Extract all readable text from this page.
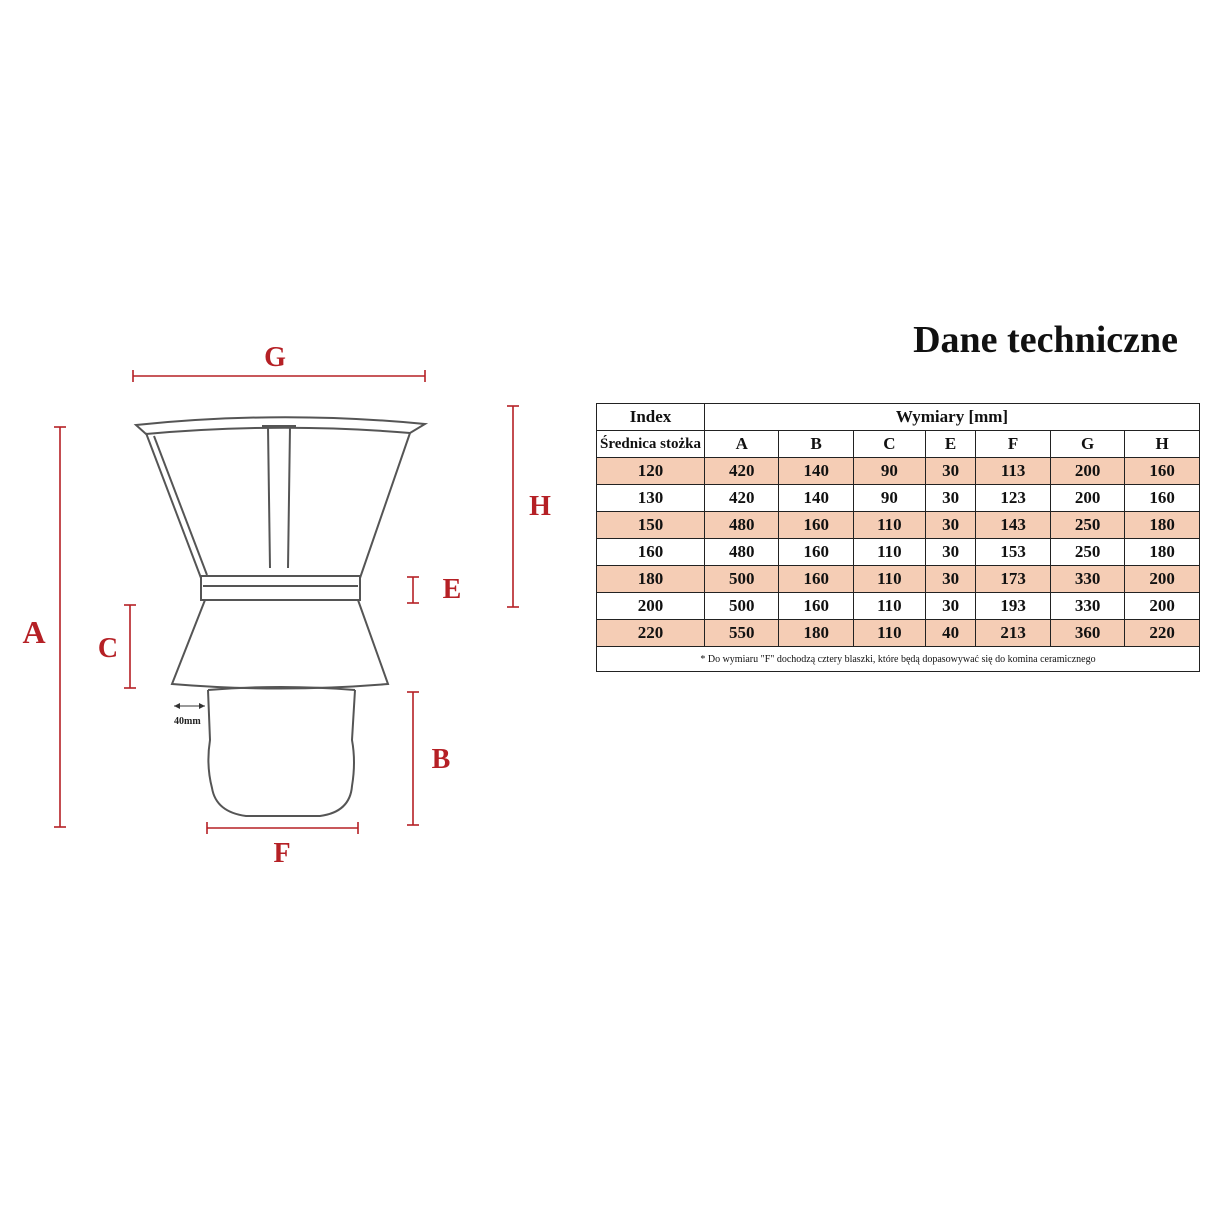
G
A
H
E
C
B
F
40mm
Dane techniczne
Index	Wymiary [mm]						
Średnica stożka	A	B	C	E	F	G	H
120	420	140	90	30	113	200	160
130	420	140	90	30	123	200	160
150	480	160	110	30	143	250	180
160	480	160	110	30	153	250	180
180	500	160	110	30	173	330	200
200	500	160	110	30	193	330	200
220	550	180	110	40	213	360	220
* Do wymiaru "F" dochodzą cztery blaszki, które będą dopasowywać się do komina ceramicznego							
